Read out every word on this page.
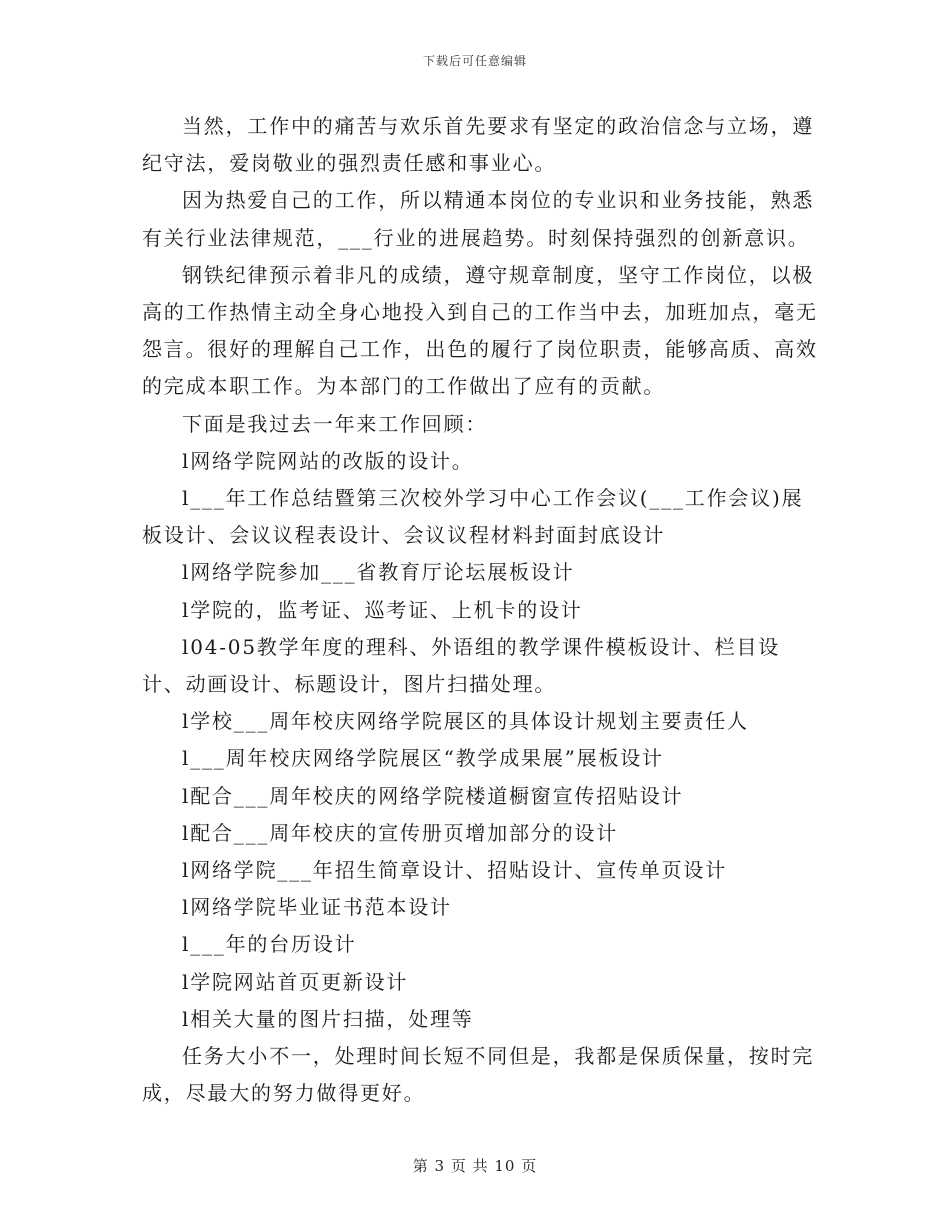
下载后可任意编辑

当然，工作中的痛苦与欢乐首先要求有坚定的政治信念与立场，遵纪守法，爱岗敬业的强烈责任感和事业心。

因为热爱自己的工作，所以精通本岗位的专业识和业务技能，熟悉有关行业法律规范，___行业的进展趋势。时刻保持强烈的创新意识。

钢铁纪律预示着非凡的成绩，遵守规章制度，坚守工作岗位，以极高的工作热情主动全身心地投入到自己的工作当中去，加班加点，毫无怨言。很好的理解自己工作，出色的履行了岗位职责，能够高质、高效的完成本职工作。为本部门的工作做出了应有的贡献。

下面是我过去一年来工作回顾：

l网络学院网站的改版的设计。

l___年工作总结暨第三次校外学习中心工作会议(___工作会议)展板设计、会议议程表设计、会议议程材料封面封底设计

l网络学院参加___省教育厅论坛展板设计

l学院的，监考证、巡考证、上机卡的设计

l04-05教学年度的理科、外语组的教学课件模板设计、栏目设计、动画设计、标题设计，图片扫描处理。

l学校___周年校庆网络学院展区的具体设计规划主要责任人

l___周年校庆网络学院展区“教学成果展”展板设计

l配合___周年校庆的网络学院楼道橱窗宣传招贴设计

l配合___周年校庆的宣传册页增加部分的设计

l网络学院___年招生简章设计、招贴设计、宣传单页设计

l网络学院毕业证书范本设计

l___年的台历设计

l学院网站首页更新设计

l相关大量的图片扫描，处理等

任务大小不一，处理时间长短不同但是，我都是保质保量，按时完成，尽最大的努力做得更好。

第 3 页 共 10 页
